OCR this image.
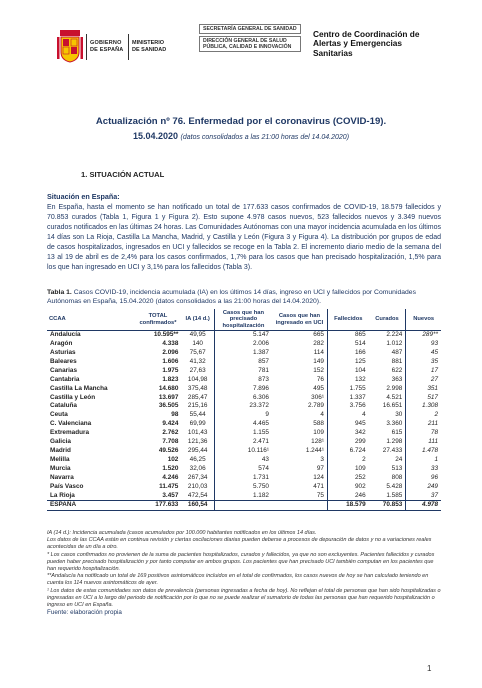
GOBIERNO
DE ESPAÑA
MINISTERIO
DE SANIDAD
SECRETARÍA GENERAL DE SANIDAD
DIRECCIÓN GENERAL DE SALUD PÚBLICA, CALIDAD E INNOVACIÓN
Centro de Coordinación de
Alertas y Emergencias
Sanitarias
Actualización nº 76. Enfermedad por el coronavirus (COVID-19).
15.04.2020 (datos consolidados a las 21:00 horas del 14.04.2020)
1. SITUACIÓN ACTUAL
Situación en España:
En España, hasta el momento se han notificado un total de 177.633 casos confirmados de COVID-19, 18.579 fallecidos y 70.853 curados (Tabla 1, Figura 1 y Figura 2). Esto supone 4.978 casos nuevos, 523 fallecidos nuevos y 3.349 nuevos curados notificados en las últimas 24 horas. Las Comunidades Autónomas con una mayor incidencia acumulada en los últimos 14 días son La Rioja, Castilla La Mancha, Madrid, y Castilla y León (Figura 3 y Figura 4). La distribución por grupos de edad de casos hospitalizados, ingresados en UCI y fallecidos se recoge en la Tabla 2. El incremento diario medio de la semana del 13 al 19 de abril es de 2,4% para los casos confirmados, 1,7% para los casos que han precisado hospitalización, 1,5% para los que han ingresado en UCI y 3,1% para los fallecidos (Tabla 3).
Tabla 1. Casos COVID-19, incidencia acumulada (IA) en los últimos 14 días, ingreso en UCI y fallecidos por Comunidades Autónomas en España, 15.04.2020 (datos consolidados a las 21:00 horas del 14.04.2020).
CCAA	TOTAL confirmados*	IA (14 d.)	Casos que han precisado hospitalización	Casos que han ingresado en UCI	Fallecidos	Curados	Nuevos
Andalucía	10.595**	49,95	5.147	665	865	2.224	289**
Aragón	4.338	140	2.006	282	514	1.012	93
Asturias	2.096	75,67	1.387	114	166	487	45
Baleares	1.606	41,32	857	149	125	881	35
Canarias	1.975	27,63	781	152	104	622	17
Cantabria	1.823	104,98	873	76	132	363	27
Castilla La Mancha	14.680	375,48	7.896	495	1.755	2.998	351
Castilla y León	13.697	285,47	6.306	306¹	1.337	4.521	517
Cataluña	36.505	215,16	23.372	2.789	3.756	16.651	1.308
Ceuta	98	55,44	9	4	4	30	2
C. Valenciana	9.424	69,99	4.465	588	945	3.360	211
Extremadura	2.762	101,43	1.155	109	342	615	78
Galicia	7.708	121,36	2.471	128¹	299	1.298	111
Madrid	49.526	295,44	10.116¹	1.244¹	6.724	27.433	1.478
Melilla	102	46,25	43	3	2	24	1
Murcia	1.520	32,06	574	97	109	513	33
Navarra	4.246	267,34	1.731	124	252	808	96
País Vasco	11.475	210,03	5.750	471	902	5.428	249
La Rioja	3.457	472,54	1.182	75	246	1.585	37
ESPAÑA	177.633	160,54			18.579	70.853	4.978
IA (14 d.): Incidencia acumulada (casos acumulados por 100.000 habitantes notificados en los últimos 14 días.
Los datos de las CCAA están en continua revisión y ciertas oscilaciones diarias pueden deberse a procesos de depuración de datos y no a variaciones reales acontecidas de un día a otro.
* Los casos confirmados no provienen de la suma de pacientes hospitalizados, curados y fallecidos, ya que no son excluyentes. Pacientes fallecidos y curados pueden haber precisado hospitalización y por tanto computar en ambos grupos. Los pacientes que han precisado UCI también computan en los pacientes que han requerido hospitalización.
**Andalucía ha notificado un total de 169 positivos asintomáticos incluidos en el total de confirmados, los casos nuevos de hoy se han calculado teniendo en cuenta los 114 nuevos asintomáticos de ayer.
¹ Los datos de estas comunidades son datos de prevalencia (personas ingresadas a fecha de hoy). No reflejan el total de personas que han sido hospitalizadas o ingresadas en UCI a lo largo del periodo de notificación por lo que no se puede realizar el sumatorio de todas las personas que han requerido hospitalización o ingreso en UCI en España.
Fuente: elaboración propia
1
